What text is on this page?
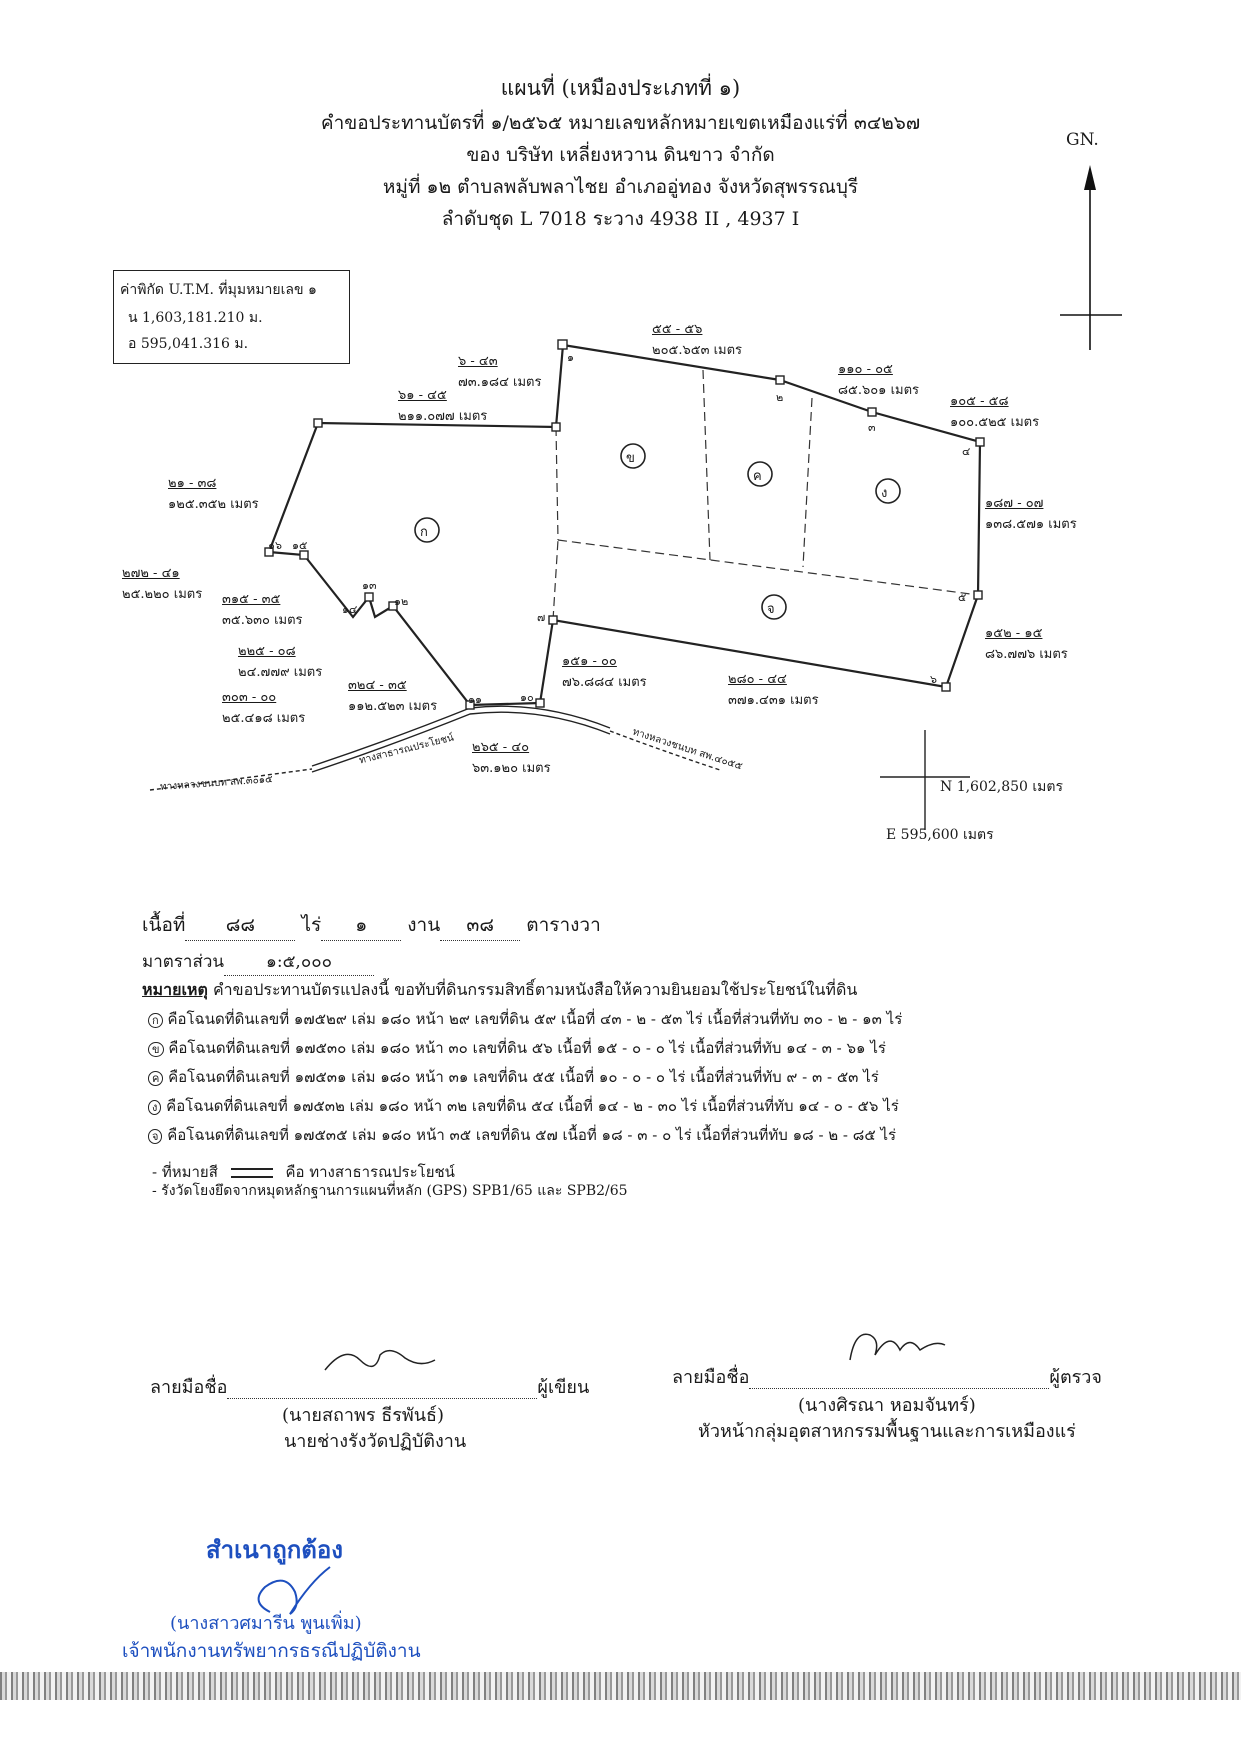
แผนที่ (เหมืองประเภทที่ ๑)
คำขอประทานบัตรที่ ๑/๒๕๖๕ หมายเลขหลักหมายเขตเหมืองแร่ที่ ๓๔๒๖๗
ของ บริษัท เหลี่ยงหวาน ดินขาว จำกัด
หมู่ที่ ๑๒ ตำบลพลับพลาไชย อำเภออู่ทอง จังหวัดสุพรรณบุรี
ลำดับชุด L 7018 ระวาง 4938 II , 4937 I
GN.
ค่าพิกัด U.T.M. ที่มุมหมายเลข ๑
น 1,603,181.210 ม.
อ 595,041.316 ม.
ก
ข
ค
ง
จ
๑
๒
๓
๔
๕
๖
๗
๑๐
๑๑
๑๒
๑๓
๑๔
๑๕
๑๖
๖ - ๔๓
๗๓.๑๘๔ เมตร
๕๕ - ๕๖
๒๐๕.๖๕๓ เมตร
๑๑๐ - ๐๕
๘๕.๖๐๑ เมตร
๑๐๕ - ๕๘
๑๐๐.๕๒๕ เมตร
๖๑ - ๔๕
๒๑๑.๐๗๗ เมตร
๒๑ - ๓๘
๑๒๕.๓๕๒ เมตร	๑๘๗ - ๐๗
๑๓๘.๕๗๑ เมตร
๒๗๒ - ๔๑
๒๕.๒๒๐ เมตร ๓๑๕ - ๓๕
๓๕.๖๓๐ เมตร
๒๒๕ - ๐๘
๒๔.๗๗๙ เมตร
๓๐๓ - ๐๐
๒๕.๔๑๘ เมตร
๓๒๔ - ๓๕
๑๑๒.๕๒๓ เมตร
๑๕๑ - ๐๐
๗๖.๘๘๔ เมตร
๑๕๒ - ๑๕
๘๖.๗๗๖ เมตร
๒๘๐ - ๔๔
๓๗๑.๔๓๑ เมตร
๒๖๕ - ๔๐
๖๓.๑๒๐ เมตร
ทางหลวงชนบท สพ.๓๐๑๕
ทางสาธารณประโยชน์	ทางหลวงชนบท สพ.๔๐๕๕
N 1,602,850 เมตร
E 595,600 เมตร
เนื้อที่ ๘๘ ไร่ ๑ งาน ๓๘ ตารางวา
มาตราส่วน ๑:๕,๐๐๐
หมายเหตุ คำขอประทานบัตรแปลงนี้ ขอทับที่ดินกรรมสิทธิ์ตามหนังสือให้ความยินยอมใช้ประโยชน์ในที่ดิน
ก คือโฉนดที่ดินเลขที่ ๑๗๕๒๙ เล่ม ๑๘๐ หน้า ๒๙ เลขที่ดิน ๕๙ เนื้อที่ ๔๓ - ๒ - ๕๓ ไร่ เนื้อที่ส่วนที่ทับ ๓๐ - ๒ - ๑๓ ไร่
ข คือโฉนดที่ดินเลขที่ ๑๗๕๓๐ เล่ม ๑๘๐ หน้า ๓๐ เลขที่ดิน ๕๖ เนื้อที่ ๑๕ - ๐ - ๐ ไร่ เนื้อที่ส่วนที่ทับ ๑๔ - ๓ - ๖๑ ไร่
ค คือโฉนดที่ดินเลขที่ ๑๗๕๓๑ เล่ม ๑๘๐ หน้า ๓๑ เลขที่ดิน ๕๕ เนื้อที่ ๑๐ - ๐ - ๐ ไร่ เนื้อที่ส่วนที่ทับ ๙ - ๓ - ๕๓ ไร่
ง คือโฉนดที่ดินเลขที่ ๑๗๕๓๒ เล่ม ๑๘๐ หน้า ๓๒ เลขที่ดิน ๕๔ เนื้อที่ ๑๔ - ๒ - ๓๐ ไร่ เนื้อที่ส่วนที่ทับ ๑๔ - ๐ - ๕๖ ไร่
จ คือโฉนดที่ดินเลขที่ ๑๗๕๓๕ เล่ม ๑๘๐ หน้า ๓๕ เลขที่ดิน ๕๗ เนื้อที่ ๑๘ - ๓ - ๐ ไร่ เนื้อที่ส่วนที่ทับ ๑๘ - ๒ - ๘๕ ไร่
- ที่หมายสี	คือ ทางสาธารณประโยชน์
- รังวัดโยงยึดจากหมุดหลักฐานการแผนที่หลัก (GPS) SPB1/65 และ SPB2/65
ลายมือชื่อ	ผู้เขียน
(นายสถาพร ธีรพันธ์)
นายช่างรังวัดปฏิบัติงาน
ลายมือชื่อ	ผู้ตรวจ
(นางศิรณา หอมจันทร์)
หัวหน้ากลุ่มอุตสาหกรรมพื้นฐานและการเหมืองแร่
สำเนาถูกต้อง
(นางสาวศมารีน พูนเพิ่ม)
เจ้าพนักงานทรัพยากรธรณีปฏิบัติงาน
